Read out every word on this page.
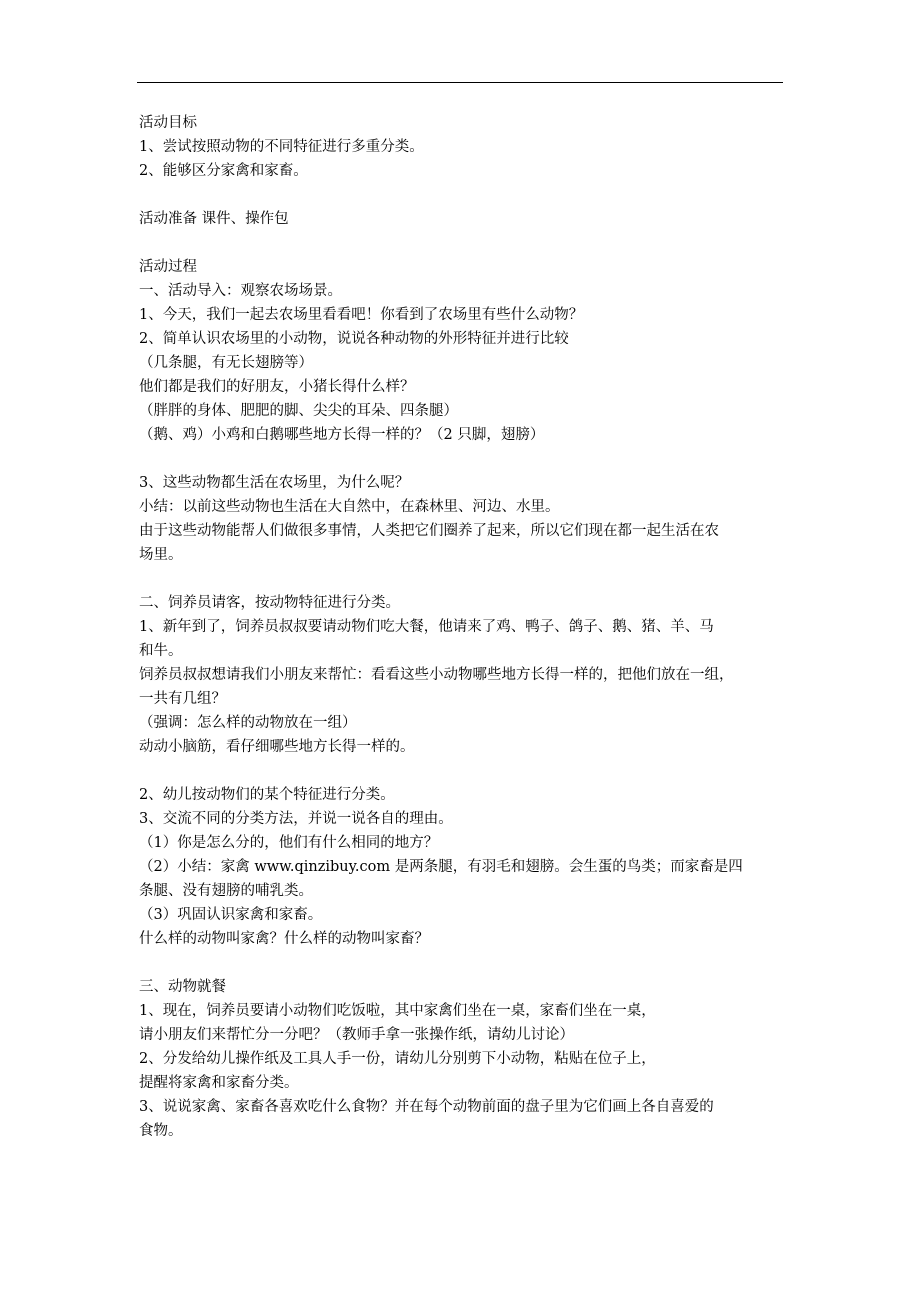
活动目标
1、尝试按照动物的不同特征进行多重分类。
2、能够区分家禽和家畜。
活动准备 课件、操作包
活动过程
一、活动导入：观察农场场景。
1、今天，我们一起去农场里看看吧！你看到了农场里有些什么动物？
2、简单认识农场里的小动物，说说各种动物的外形特征并进行比较
（几条腿，有无长翅膀等）
他们都是我们的好朋友，小猪长得什么样？
（胖胖的身体、肥肥的脚、尖尖的耳朵、四条腿）
（鹅、鸡）小鸡和白鹅哪些地方长得一样的？（2 只脚，翅膀）
3、这些动物都生活在农场里，为什么呢？
小结：以前这些动物也生活在大自然中，在森林里、河边、水里。
由于这些动物能帮人们做很多事情，人类把它们圈养了起来，所以它们现在都一起生活在农
场里。
二、饲养员请客，按动物特征进行分类。
1、新年到了，饲养员叔叔要请动物们吃大餐，他请来了鸡、鸭子、鸽子、鹅、猪、羊、马
和牛。
饲养员叔叔想请我们小朋友来帮忙：看看这些小动物哪些地方长得一样的，把他们放在一组，
一共有几组？
（强调：怎么样的动物放在一组）
动动小脑筋，看仔细哪些地方长得一样的。
2、幼儿按动物们的某个特征进行分类。
3、交流不同的分类方法，并说一说各自的理由。
（1）你是怎么分的，他们有什么相同的地方？
（2）小结：家禽 www.qinzibuy.com 是两条腿，有羽毛和翅膀。会生蛋的鸟类；而家畜是四
条腿、没有翅膀的哺乳类。
（3）巩固认识家禽和家畜。
什么样的动物叫家禽？什么样的动物叫家畜？
三、动物就餐
1、现在，饲养员要请小动物们吃饭啦，其中家禽们坐在一桌，家畜们坐在一桌，
请小朋友们来帮忙分一分吧？（教师手拿一张操作纸，请幼儿讨论）
2、分发给幼儿操作纸及工具人手一份，请幼儿分别剪下小动物，粘贴在位子上，
提醒将家禽和家畜分类。
3、说说家禽、家畜各喜欢吃什么食物？并在每个动物前面的盘子里为它们画上各自喜爱的
食物。
